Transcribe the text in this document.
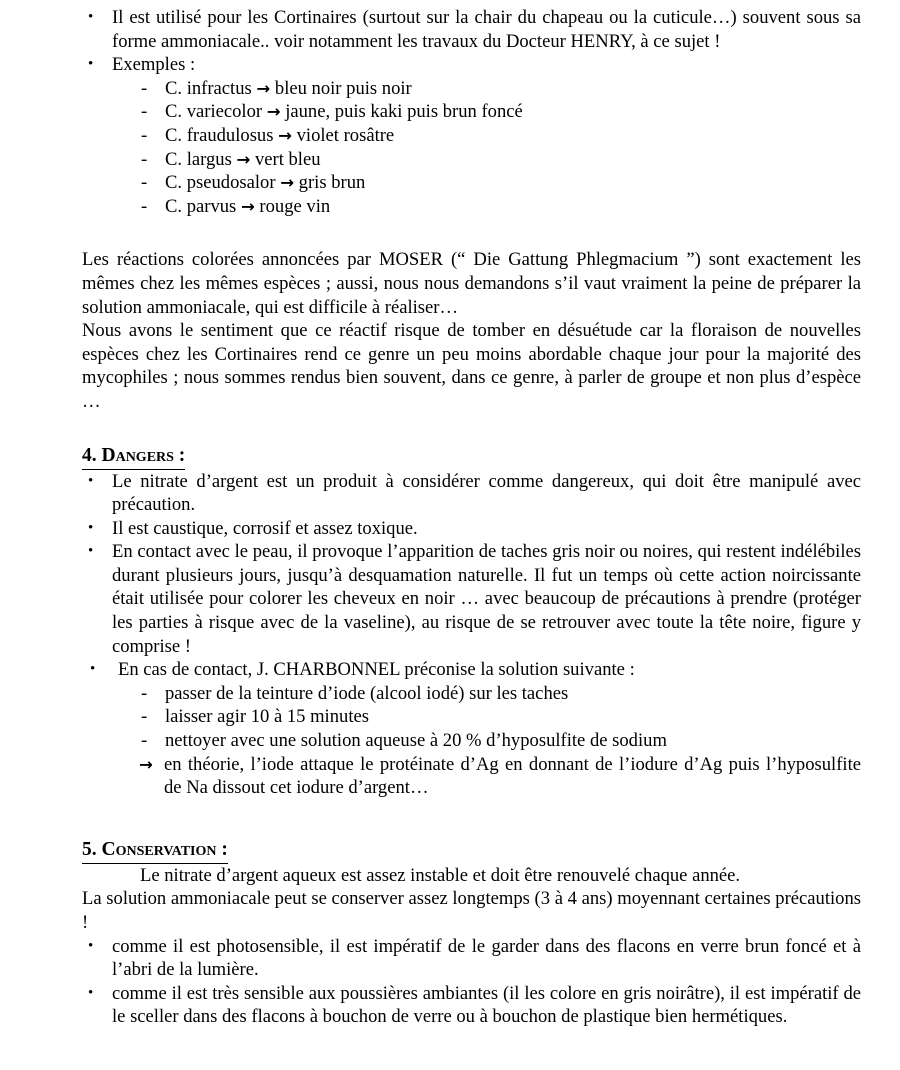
• Il est utilisé pour les Cortinaires (surtout sur la chair du chapeau ou la cuticule…) souvent sous sa forme ammoniacale.. voir notamment les travaux du Docteur HENRY, à ce sujet !
• Exemples :
- C. infractus → bleu noir puis noir
- C. variecolor → jaune, puis kaki puis brun foncé
- C. fraudulosus → violet rosâtre
- C. largus → vert bleu
- C. pseudosalor → gris brun
- C. parvus → rouge vin

Les réactions colorées annoncées par MOSER (“ Die Gattung Phlegmacium ”) sont exactement les mêmes chez les mêmes espèces ; aussi, nous nous demandons s’il vaut vraiment la peine de préparer la solution ammoniacale, qui est difficile à réaliser…

Nous avons le sentiment que ce réactif risque de tomber en désuétude car la floraison de nouvelles espèces chez les Cortinaires rend ce genre un peu moins abordable chaque jour pour la majorité des mycophiles ; nous sommes rendus bien souvent, dans ce genre, à parler de groupe et non plus d’espèce …

4. Dangers :
• Le nitrate d’argent est un produit à considérer comme dangereux, qui doit être manipulé avec précaution.
• Il est caustique, corrosif et assez toxique.
• En contact avec le peau, il provoque l’apparition de taches gris noir ou noires, qui restent indélébiles durant plusieurs jours, jusqu’à desquamation naturelle. Il fut un temps où cette action noircissante était utilisée pour colorer les cheveux en noir … avec beaucoup de précautions à prendre (protéger les parties à risque avec de la vaseline), au risque de se retrouver avec toute la tête noire, figure y comprise !
• En cas de contact, J. CHARBONNEL préconise la solution suivante :
- passer de la teinture d’iode (alcool iodé) sur les taches
- laisser agir 10 à 15 minutes
- nettoyer avec une solution aqueuse à 20 % d’hyposulfite de sodium
→ en théorie, l’iode attaque le protéinate d’Ag en donnant de l’iodure d’Ag puis l’hyposulfite de Na dissout cet iodure d’argent…
5. Conservation :

Le nitrate d’argent aqueux est assez instable et doit être renouvelé chaque année.

La solution ammoniacale peut se conserver assez longtemps (3 à 4 ans) moyennant certaines précautions !

• comme il est photosensible, il est impératif de le garder dans des flacons en verre brun foncé et à l’abri de la lumière.
• comme il est très sensible aux poussières ambiantes (il les colore en gris noirâtre), il est impératif de le sceller dans des flacons à bouchon de verre ou à bouchon de plastique bien hermétiques.
